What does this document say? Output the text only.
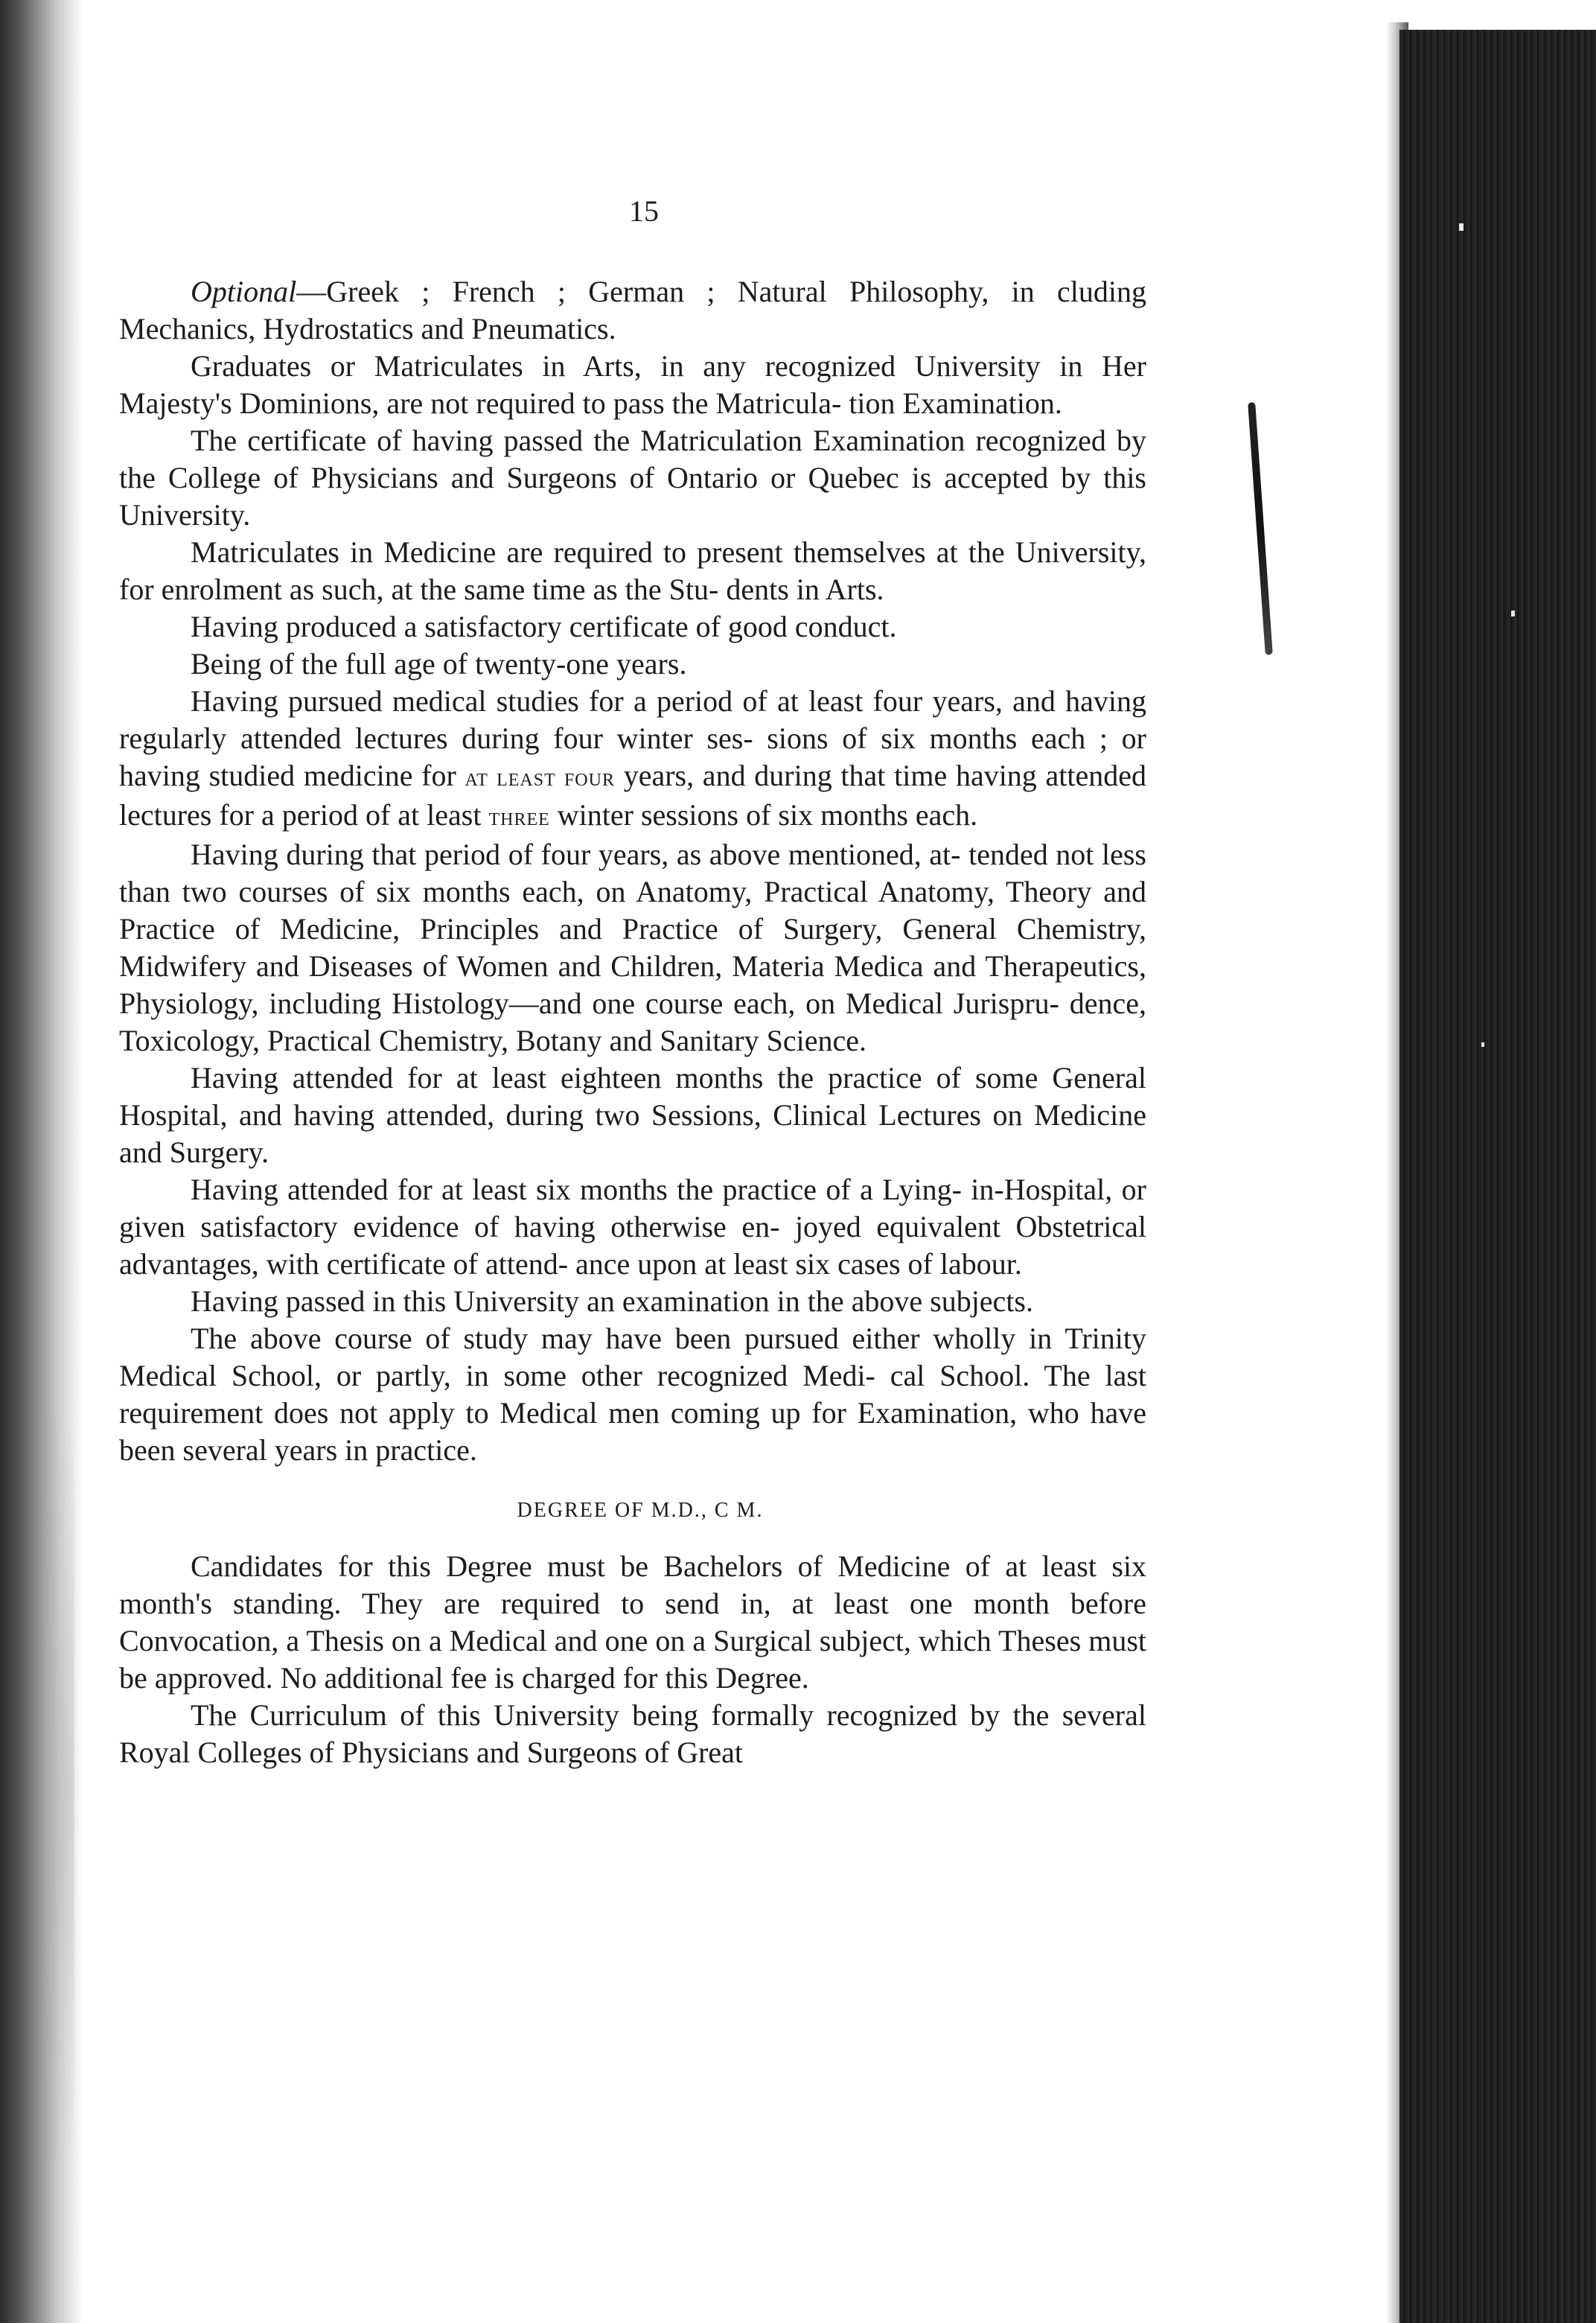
15

Optional—Greek ; French ; German ; Natural Philosophy, in cluding Mechanics, Hydrostatics and Pneumatics.

Graduates or Matriculates in Arts, in any recognized University in Her Majesty's Dominions, are not required to pass the Matricula- tion Examination.

The certificate of having passed the Matriculation Examination recognized by the College of Physicians and Surgeons of Ontario or Quebec is accepted by this University.

Matriculates in Medicine are required to present themselves at the University, for enrolment as such, at the same time as the Stu- dents in Arts.

Having produced a satisfactory certificate of good conduct.

Being of the full age of twenty-one years.

Having pursued medical studies for a period of at least four years, and having regularly attended lectures during four winter ses- sions of six months each ; or having studied medicine for at least four years, and during that time having attended lectures for a period of at least three winter sessions of six months each.

Having during that period of four years, as above mentioned, at- tended not less than two courses of six months each, on Anatomy, Practical Anatomy, Theory and Practice of Medicine, Principles and Practice of Surgery, General Chemistry, Midwifery and Diseases of Women and Children, Materia Medica and Therapeutics, Physiology, including Histology—and one course each, on Medical Jurispru- dence, Toxicology, Practical Chemistry, Botany and Sanitary Science.

Having attended for at least eighteen months the practice of some General Hospital, and having attended, during two Sessions, Clinical Lectures on Medicine and Surgery.

Having attended for at least six months the practice of a Lying- in-Hospital, or given satisfactory evidence of having otherwise en- joyed equivalent Obstetrical advantages, with certificate of attend- ance upon at least six cases of labour.

Having passed in this University an examination in the above subjects.

The above course of study may have been pursued either wholly in Trinity Medical School, or partly, in some other recognized Medi- cal School. The last requirement does not apply to Medical men coming up for Examination, who have been several years in practice.

DEGREE OF M.D., C M.

Candidates for this Degree must be Bachelors of Medicine of at least six month's standing. They are required to send in, at least one month before Convocation, a Thesis on a Medical and one on a Surgical subject, which Theses must be approved. No additional fee is charged for this Degree.

The Curriculum of this University being formally recognized by the several Royal Colleges of Physicians and Surgeons of Great
